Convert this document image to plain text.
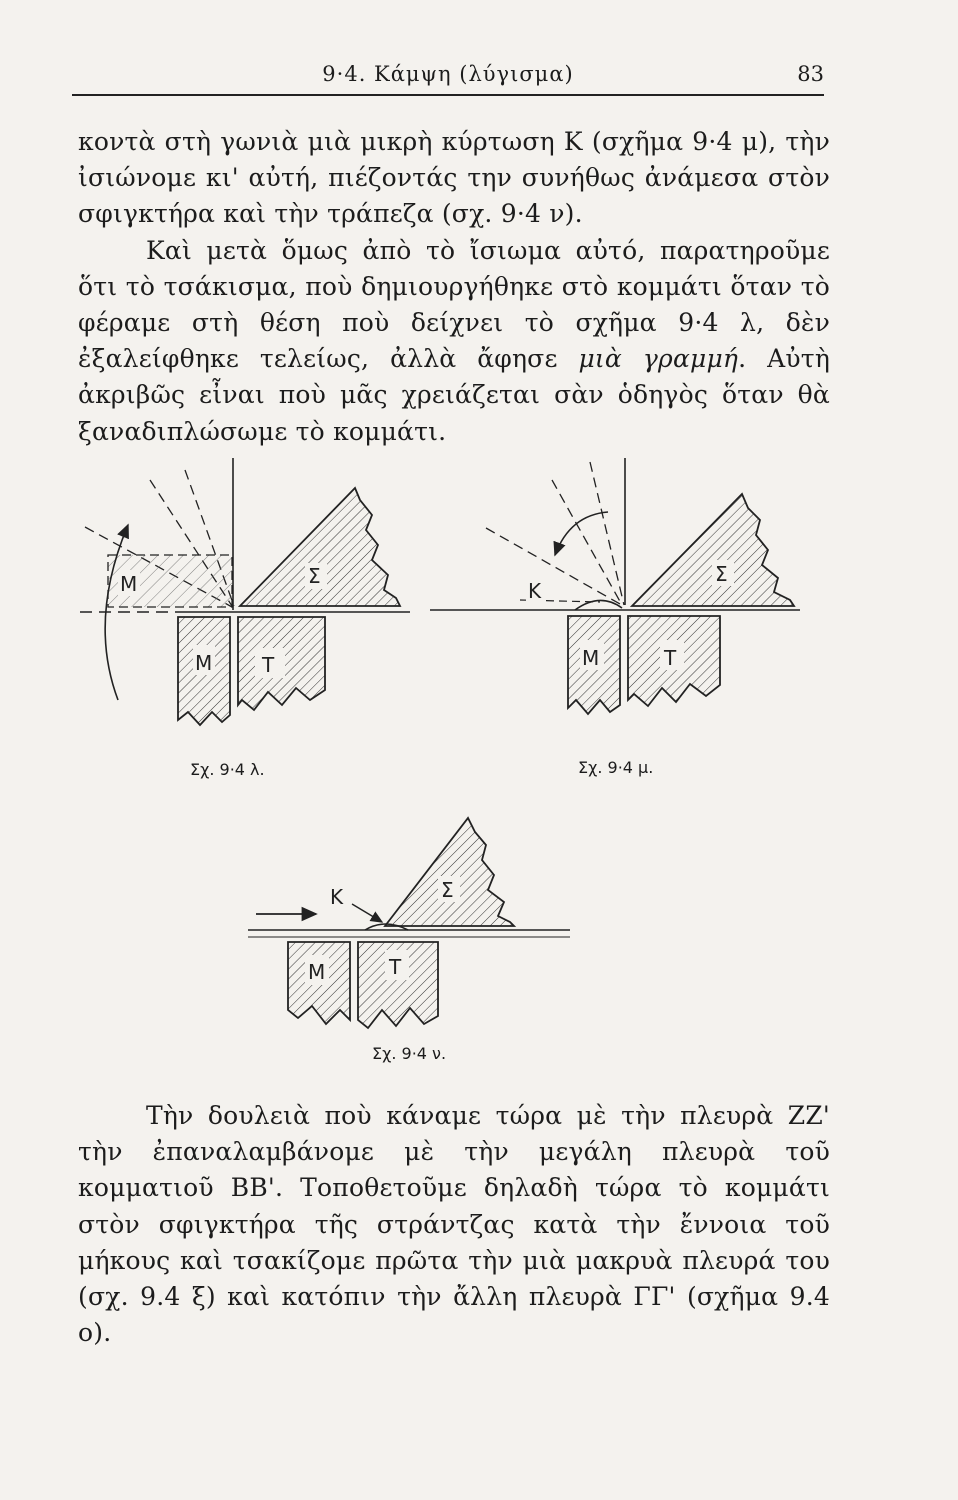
9·4. Κάμψη (λύγισμα)	83

κοντὰ στὴ γωνιὰ μιὰ μικρὴ κύρτωση Κ (σχῆμα 9·4 μ), τὴν ἰσιώνομε κι' αὐτή, πιέζοντάς την συνήθως ἀνάμεσα στὸν σφιγκτήρα καὶ τὴν τράπεζα (σχ. 9·4 ν).
Καὶ μετὰ ὅμως ἀπὸ τὸ ἴσιωμα αὐτό, παρατηροῦμε ὅτι τὸ τσάκισμα, ποὺ δημιουργήθηκε στὸ κομμάτι ὅταν τὸ φέραμε στὴ θέση ποὺ δείχνει τὸ σχῆμα 9·4 λ, δὲν ἐξαλείφθηκε τελείως, ἀλλὰ ἄφησε μιὰ γραμμή. Αὐτὴ ἀκριβῶς εἶναι ποὺ μᾶς χρειάζεται σὰν ὁδηγὸς ὅταν θὰ ξαναδιπλώσωμε τὸ κομμάτι.

Μ
Μ Τ
Σ
Κ
Μ	Τ
Σ
Κ
Μ	Τ
Σ
Σχ. 9·4 λ.	Σχ. 9·4 μ.
Σχ. 9·4 ν.

Τὴν δουλειὰ ποὺ κάναμε τώρα μὲ τὴν πλευρὰ ΖΖ' τὴν ἐπαναλαμβάνομε μὲ τὴν μεγάλη πλευρὰ τοῦ κομματιοῦ ΒΒ'. Τοποθετοῦμε δηλαδὴ τώρα τὸ κομμάτι στὸν σφιγκτήρα τῆς στράντζας κατὰ τὴν ἔννοια τοῦ μήκους καὶ τσακίζομε πρῶτα τὴν μιὰ μακρυὰ πλευρά του (σχ. 9.4 ξ) καὶ κατόπιν τὴν ἄλλη πλευρὰ ΓΓ' (σχῆμα 9.4 ο).
